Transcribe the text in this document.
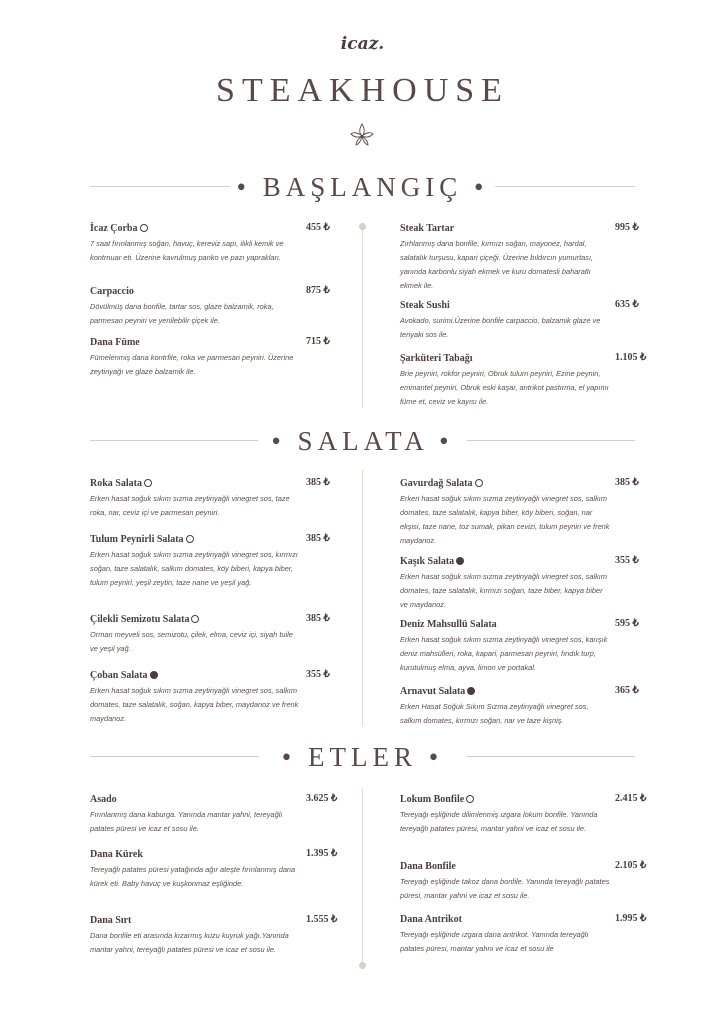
icaz.
STEAKHOUSE
• BAŞLANGIÇ •
İcaz Çorba
7 saat fırınlanmış soğan, havuç, kereviz sapı, ilikli kemik ve kontrnuar eti. Üzerine kavrulmuş panko ve pazı yaprakları.
455 ₺
Carpaccio
Dövülmüş dana bonfile, tartar sos, glaze balzamik, roka, parmesan peyniri ve yenilebilir çiçek ile.
875 ₺
Dana Füme
Fümelenmiş dana kontrfile, roka ve parmesan peyniri. Üzerine zeytinyağı ve glaze balzamik ile.
715 ₺
Steak Tartar
Zırhlanmış dana bonfile, kırmızı soğan, mayonez, hardal, salatalık turşusu, kapari çiçeği. Üzerine bıldırcın yumurtası, yanında karbonlu siyah ekmek ve kuru domatesli baharatlı ekmek ile.
995 ₺
Steak Sushi
Avokado, surimi.Üzerine bonfile carpaccio, balzamik glaze ve teriyaki sos ile.
635 ₺
Şarküteri Tabağı
Brie peyniri, rokfor peyniri, Obruk tulum peyniri, Ezine peyniri, emmantel peyniri, Obruk eski kaşar, antrikot pastırma, el yapımı füme et, ceviz ve kayısı ile.
1.105 ₺
• SALATA •
Roka Salata
Erken hasat soğuk sıkım sızma zeytinyağlı vinegret sos, taze roka, nar, ceviz içi ve parmesan peyniri.
385 ₺
Tulum Peynirli Salata
Erken hasat soğuk sıkım sızma zeytinyağlı vinegret sos, kırmızı soğan, taze salatalık, salkım domates, köy biberi, kapya biber, tulum peyniri, yeşil zeytin, taze nane ve yeşil yağ.
385 ₺
Çilekli Semizotu Salata
Orman meyveli sos, semizotu, çilek, elma, ceviz içi, siyah tuile ve yeşil yağ.
385 ₺
Çoban Salata
Erken hasat soğuk sıkım sızma zeytinyağlı vinegret sos, salkım domates, taze salatalık, soğan, kapya biber, maydanoz ve frenk maydanoz.
355 ₺
Gavurdağ Salata
Erken hasat soğuk sıkım sızma zeytinyağlı vinegret sos, salkım domates, taze salatalık, kapya biber, köy biberi, soğan, nar ekşisi, taze nane, toz sumak, pikan cevizi, tulum peyniri ve frenk maydanoz.
385 ₺
Kaşık Salata
Erken hasat soğuk sıkım sızma zeytinyağlı vinegret sos, salkım domates, taze salatalık, kırmızı soğan, taze biber, kapya biber ve maydanoz.
355 ₺
Deniz Mahsullü Salata
Erken hasat soğuk sıkım sızma zeytinyağlı vinegret sos, karışık deniz mahsülleri, roka, kapari, parmesan peyniri, fındık turp, kurutulmuş elma, ayva, limon ve portakal.
595 ₺
Arnavut Salata
Erken Hasat Soğuk Sıkım Sızma zeytinyağlı vinegret sos, salkım domates, kırmızı soğan, nar ve taze kişniş.
365 ₺
• ETLER •
Asado
Fırınlanmış dana kaburga. Yanında mantar yahni, tereyağlı patates püresi ve icaz et sosu ile.
3.625 ₺
Dana Kürek
Tereyağlı patates püresi yatağında ağır ateşte fırınlanmış dana kürek eti. Baby havuç ve kuşkonmaz eşliğinde.
1.395 ₺
Dana Sırt
Dana bonfile eti arasında kızarmış kuzu kuyruk yağı.Yanında mantar yahni, tereyağlı patates püresi ve icaz et sosu ile.
1.555 ₺
Lokum Bonfile
Tereyağı eşliğinde dilimlenmiş ızgara lokum bonfile. Yanında tereyağlı patates püresi, mantar yahni ve icaz et sosu ile.
2.415 ₺
Dana Bonfile
Tereyağı eşliğinde takoz dana bonfile. Yanında tereyağlı patates püresi, mantar yahni ve icaz et sosu ile.
2.105 ₺
Dana Antrikot
Tereyağı eşliğinde ızgara dana antrikot. Yanında tereyağlı patates püresi, mantar yahni ve icaz et sosu ile
1.995 ₺
